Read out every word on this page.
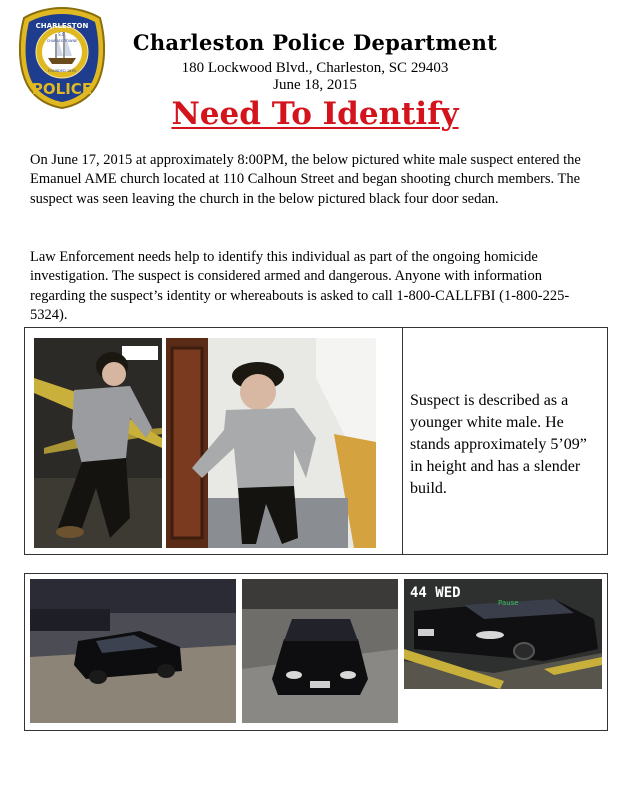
CHARLESTON
S.C.
CHARLES TOWNE
FOUNDED 1670
POLICE
Charleston Police Department
180 Lockwood Blvd., Charleston, SC 29403
June 18, 2015
Need To Identify
On June 17, 2015 at approximately 8:00PM, the below pictured white male suspect entered the Emanuel AME church located at 110 Calhoun Street and began shooting church members. The suspect was seen leaving the church in the below pictured black four door sedan.
Law Enforcement needs help to identify this individual as part of the ongoing homicide investigation. The suspect is considered armed and dangerous. Anyone with information regarding the suspect’s identity or whereabouts is asked to call 1-800-CALLFBI (1-800-225-5324).
Suspect is described as a younger white male. He stands approximately 5’09” in height and has a slender build.
44 WED
Pause
